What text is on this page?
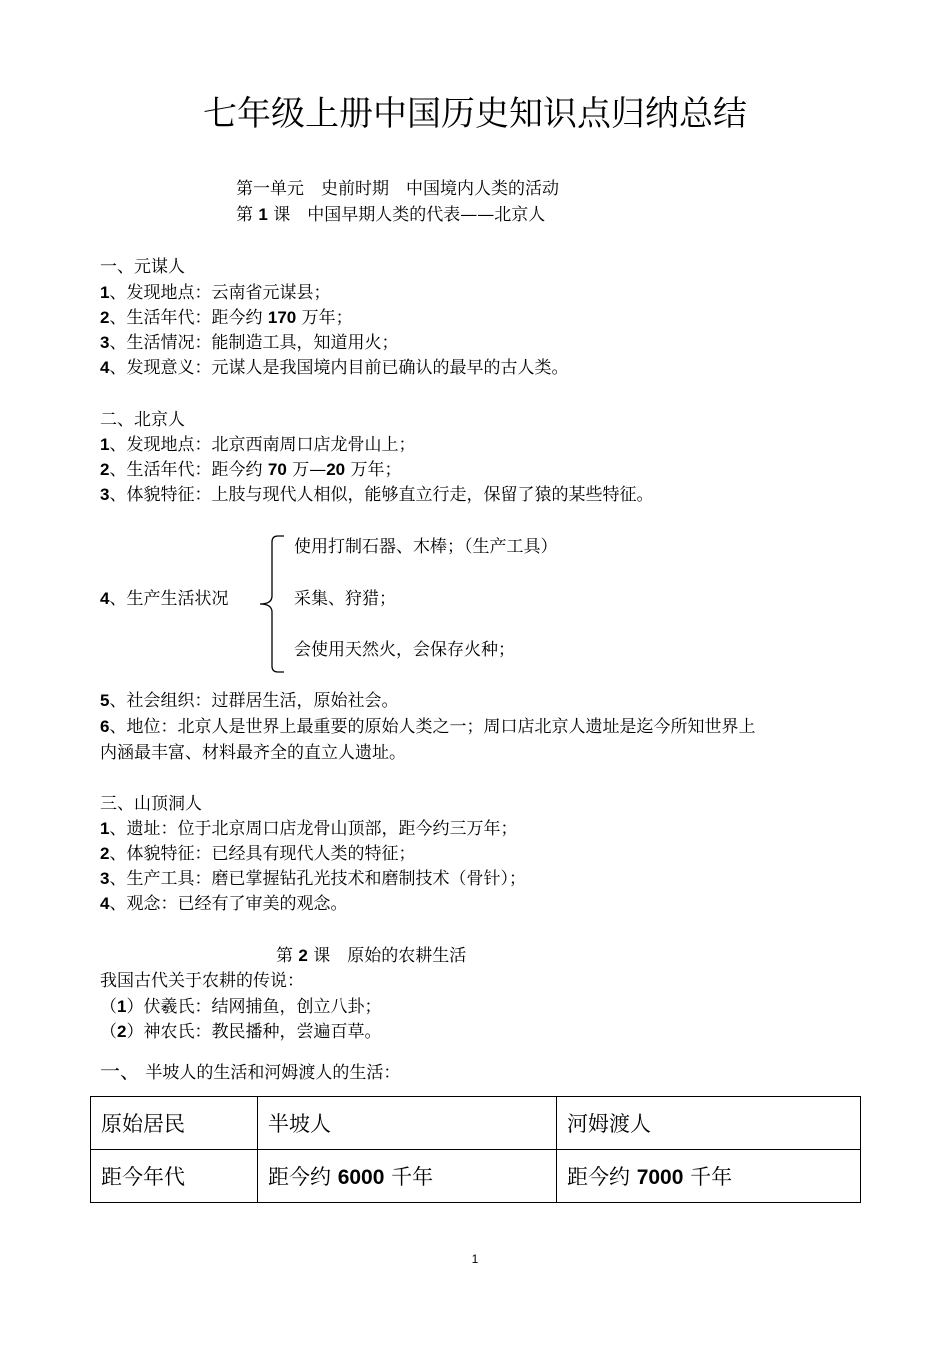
七年级上册中国历史知识点归纳总结
第一单元　史前时期　中国境内人类的活动
第 1 课　中国早期人类的代表——北京人
一、元谋人
1、发现地点：云南省元谋县；
2、生活年代：距今约 170 万年；
3、生活情况：能制造工具，知道用火；
4、发现意义：元谋人是我国境内目前已确认的最早的古人类。
二、北京人
1、发现地点：北京西南周口店龙骨山上；
2、生活年代：距今约 70 万—20 万年；
3、体貌特征：上肢与现代人相似，能够直立行走，保留了猿的某些特征。
4、生产生活状况
使用打制石器、木棒；（生产工具）
采集、狩猎；
会使用天然火，会保存火种；
5、社会组织：过群居生活，原始社会。
6、地位：北京人是世界上最重要的原始人类之一；周口店北京人遗址是迄今所知世界上
内涵最丰富、材料最齐全的直立人遗址。
三、山顶洞人
1、遗址：位于北京周口店龙骨山顶部，距今约三万年；
2、体貌特征：已经具有现代人类的特征；
3、生产工具：磨已掌握钻孔光技术和磨制技术（骨针）；
4、观念：已经有了审美的观念。
第 2 课　原始的农耕生活
我国古代关于农耕的传说：
（1）伏羲氏：结网捕鱼，创立八卦；
（2）神农氏：教民播种，尝遍百草。
一、 半坡人的生活和河姆渡人的生活：
原始居民	半坡人	河姆渡人
距今年代	距今约 6000 千年	距今约 7000 千年
1
